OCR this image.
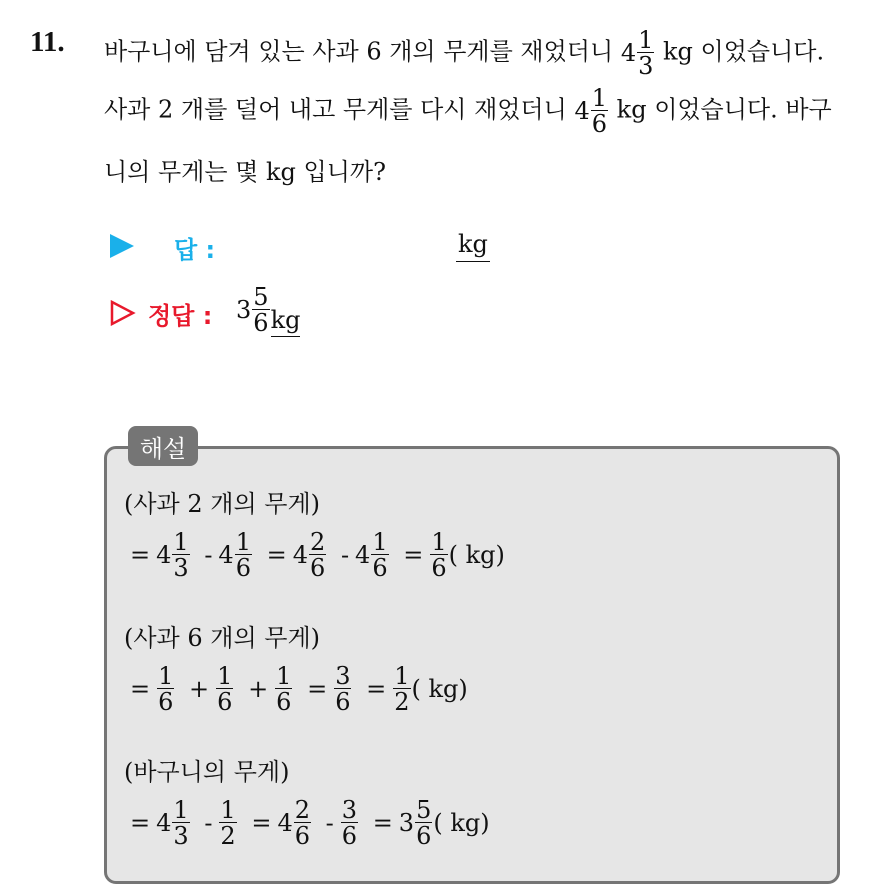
11. 바구니에 담겨 있는 사과 6 개의 무게를 재었더니 $4 \frac{1}{3}$ kg 이었습니다.
사과 2 개를 덜어 내고 무게를 다시 재었더니 $4 \frac{1}{6}$ kg 이었습니다. 바구
니의 무게는 몇 kg 입니까?
답 :	kg
정답 : $3 \frac{5}{6}$ kg
해설
(사과 2 개의 무게)
= $4 \frac{1}{3} - 4 \frac{1}{6} = 4 \frac{2}{6} - 4 \frac{1}{6} = \frac{1}{6}$ ( kg)
(사과 6 개의 무게)
= $\frac{1}{6} + \frac{1}{6} + \frac{1}{6} = \frac{3}{6} = \frac{1}{2}$ ( kg)
(바구니의 무게)
= $4 \frac{1}{3} - \frac{1}{2} = 4 \frac{2}{6} - \frac{3}{6} = 3 \frac{5}{6}$ ( kg)
